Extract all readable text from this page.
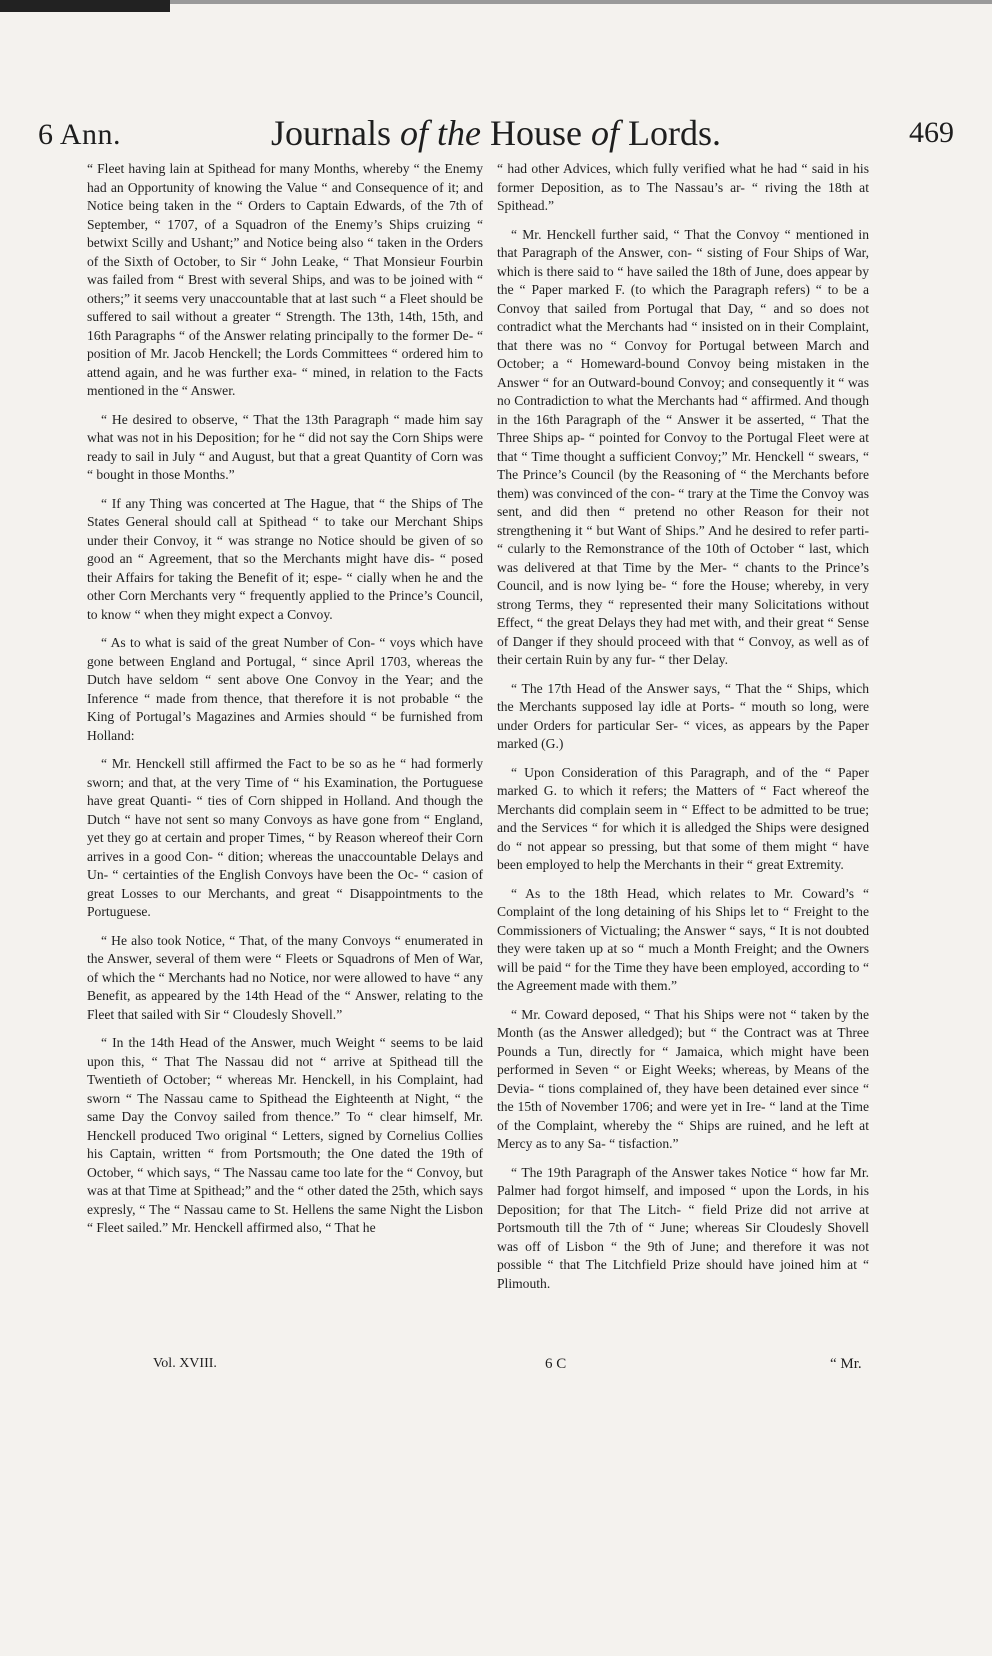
6 Ann.	Journals of the House of Lords.	469

“ Fleet having lain at Spithead for many Months, whereby “ the Enemy had an Opportunity of knowing the Value “ and Consequence of it; and Notice being taken in the “ Orders to Captain Edwards, of the 7th of September, “ 1707, of a Squadron of the Enemy’s Ships cruizing “ betwixt Scilly and Ushant;” and Notice being also “ taken in the Orders of the Sixth of October, to Sir “ John Leake, “ That Monsieur Fourbin was failed from “ Brest with several Ships, and was to be joined with “ others;” it seems very unaccountable that at last such “ a Fleet should be suffered to sail without a greater “ Strength. The 13th, 14th, 15th, and 16th Paragraphs “ of the Answer relating principally to the former De- “ position of Mr. Jacob Henckell; the Lords Committees “ ordered him to attend again, and he was further exa- “ mined, in relation to the Facts mentioned in the “ Answer.

“ He desired to observe, “ That the 13th Paragraph “ made him say what was not in his Deposition; for he “ did not say the Corn Ships were ready to sail in July “ and August, but that a great Quantity of Corn was “ bought in those Months.”

“ If any Thing was concerted at The Hague, that “ the Ships of The States General should call at Spithead “ to take our Merchant Ships under their Convoy, it “ was strange no Notice should be given of so good an “ Agreement, that so the Merchants might have dis- “ posed their Affairs for taking the Benefit of it; espe- “ cially when he and the other Corn Merchants very “ frequently applied to the Prince’s Council, to know “ when they might expect a Convoy.

“ As to what is said of the great Number of Con- “ voys which have gone between England and Portugal, “ since April 1703, whereas the Dutch have seldom “ sent above One Convoy in the Year; and the Inference “ made from thence, that therefore it is not probable “ the King of Portugal’s Magazines and Armies should “ be furnished from Holland:

“ Mr. Henckell still affirmed the Fact to be so as he “ had formerly sworn; and that, at the very Time of “ his Examination, the Portuguese have great Quanti- “ ties of Corn shipped in Holland. And though the Dutch “ have not sent so many Convoys as have gone from “ England, yet they go at certain and proper Times, “ by Reason whereof their Corn arrives in a good Con- “ dition; whereas the unaccountable Delays and Un- “ certainties of the English Convoys have been the Oc- “ casion of great Losses to our Merchants, and great “ Disappointments to the Portuguese.

“ He also took Notice, “ That, of the many Convoys “ enumerated in the Answer, several of them were “ Fleets or Squadrons of Men of War, of which the “ Merchants had no Notice, nor were allowed to have “ any Benefit, as appeared by the 14th Head of the “ Answer, relating to the Fleet that sailed with Sir “ Cloudesly Shovell.”

“ In the 14th Head of the Answer, much Weight “ seems to be laid upon this, “ That The Nassau did not “ arrive at Spithead till the Twentieth of October; “ whereas Mr. Henckell, in his Complaint, had sworn “ The Nassau came to Spithead the Eighteenth at Night, “ the same Day the Convoy sailed from thence.” To “ clear himself, Mr. Henckell produced Two original “ Letters, signed by Cornelius Collies his Captain, written “ from Portsmouth; the One dated the 19th of October, “ which says, “ The Nassau came too late for the “ Convoy, but was at that Time at Spithead;” and the “ other dated the 25th, which says expresly, “ The “ Nassau came to St. Hellens the same Night the Lisbon “ Fleet sailed.” Mr. Henckell affirmed also, “ That he

“ had other Advices, which fully verified what he had “ said in his former Deposition, as to The Nassau’s ar- “ riving the 18th at Spithead.”

“ Mr. Henckell further said, “ That the Convoy “ mentioned in that Paragraph of the Answer, con- “ sisting of Four Ships of War, which is there said to “ have sailed the 18th of June, does appear by the “ Paper marked F. (to which the Paragraph refers) “ to be a Convoy that sailed from Portugal that Day, “ and so does not contradict what the Merchants had “ insisted on in their Complaint, that there was no “ Convoy for Portugal between March and October; a “ Homeward-bound Convoy being mistaken in the Answer “ for an Outward-bound Convoy; and consequently it “ was no Contradiction to what the Merchants had “ affirmed. And though in the 16th Paragraph of the “ Answer it be asserted, “ That the Three Ships ap- “ pointed for Convoy to the Portugal Fleet were at that “ Time thought a sufficient Convoy;” Mr. Henckell “ swears, “ The Prince’s Council (by the Reasoning of “ the Merchants before them) was convinced of the con- “ trary at the Time the Convoy was sent, and did then “ pretend no other Reason for their not strengthening it “ but Want of Ships.” And he desired to refer parti- “ cularly to the Remonstrance of the 10th of October “ last, which was delivered at that Time by the Mer- “ chants to the Prince’s Council, and is now lying be- “ fore the House; whereby, in very strong Terms, they “ represented their many Solicitations without Effect, “ the great Delays they had met with, and their great “ Sense of Danger if they should proceed with that “ Convoy, as well as of their certain Ruin by any fur- “ ther Delay.

“ The 17th Head of the Answer says, “ That the “ Ships, which the Merchants supposed lay idle at Ports- “ mouth so long, were under Orders for particular Ser- “ vices, as appears by the Paper marked (G.)

“ Upon Consideration of this Paragraph, and of the “ Paper marked G. to which it refers; the Matters of “ Fact whereof the Merchants did complain seem in “ Effect to be admitted to be true; and the Services “ for which it is alledged the Ships were designed do “ not appear so pressing, but that some of them might “ have been employed to help the Merchants in their “ great Extremity.

“ As to the 18th Head, which relates to Mr. Coward’s “ Complaint of the long detaining of his Ships let to “ Freight to the Commissioners of Victualing; the Answer “ says, “ It is not doubted they were taken up at so “ much a Month Freight; and the Owners will be paid “ for the Time they have been employed, according to “ the Agreement made with them.”

“ Mr. Coward deposed, “ That his Ships were not “ taken by the Month (as the Answer alledged); but “ the Contract was at Three Pounds a Tun, directly for “ Jamaica, which might have been performed in Seven “ or Eight Weeks; whereas, by Means of the Devia- “ tions complained of, they have been detained ever since “ the 15th of November 1706; and were yet in Ire- “ land at the Time of the Complaint, whereby the “ Ships are ruined, and he left at Mercy as to any Sa- “ tisfaction.”

“ The 19th Paragraph of the Answer takes Notice “ how far Mr. Palmer had forgot himself, and imposed “ upon the Lords, in his Deposition; for that The Litch- “ field Prize did not arrive at Portsmouth till the 7th of “ June; whereas Sir Cloudesly Shovell was off of Lisbon “ the 9th of June; and therefore it was not possible “ that The Litchfield Prize should have joined him at “ Plimouth.

Vol. XVIII.	6 C	“ Mr.
